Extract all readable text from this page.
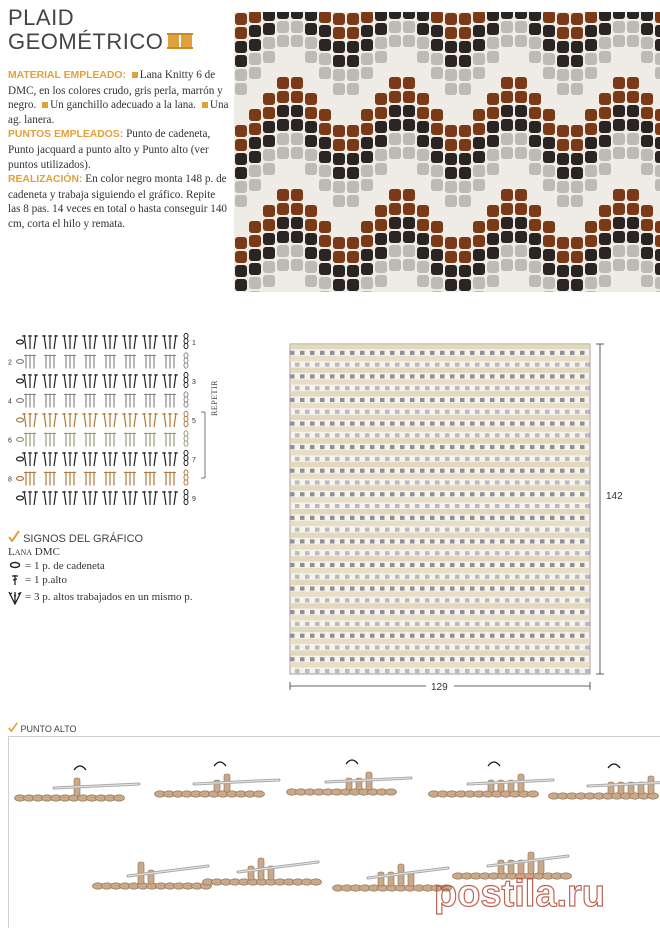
PLAID
GEOMÉTRICO
MATERIAL EMPLEADO: Lana Knitty 6 de DMC, en los colores crudo, gris perla, marrón y negro. Un ganchillo adecuado a la lana. Una ag. lanera.
PUNTOS EMPLEADOS: Punto de cadeneta, Punto jacquard a punto alto y Punto alto (ver puntos utilizados).
REALIZACIÓN: En color negro monta 148 p. de cadeneta y trabaja siguiendo el gráfico. Repite las 8 pas. 14 veces en total o hasta conseguir 140 cm, corta el hilo y remata.
9
7
5
3
1
8
6
4
2
REPETIR
SIGNOS DEL GRÁFICO
Lana DMC
= 1 p. de cadeneta
= 1 p.alto
= 3 p. altos trabajados en un mismo p.
142
129
PUNTO ALTO
postila.ru
